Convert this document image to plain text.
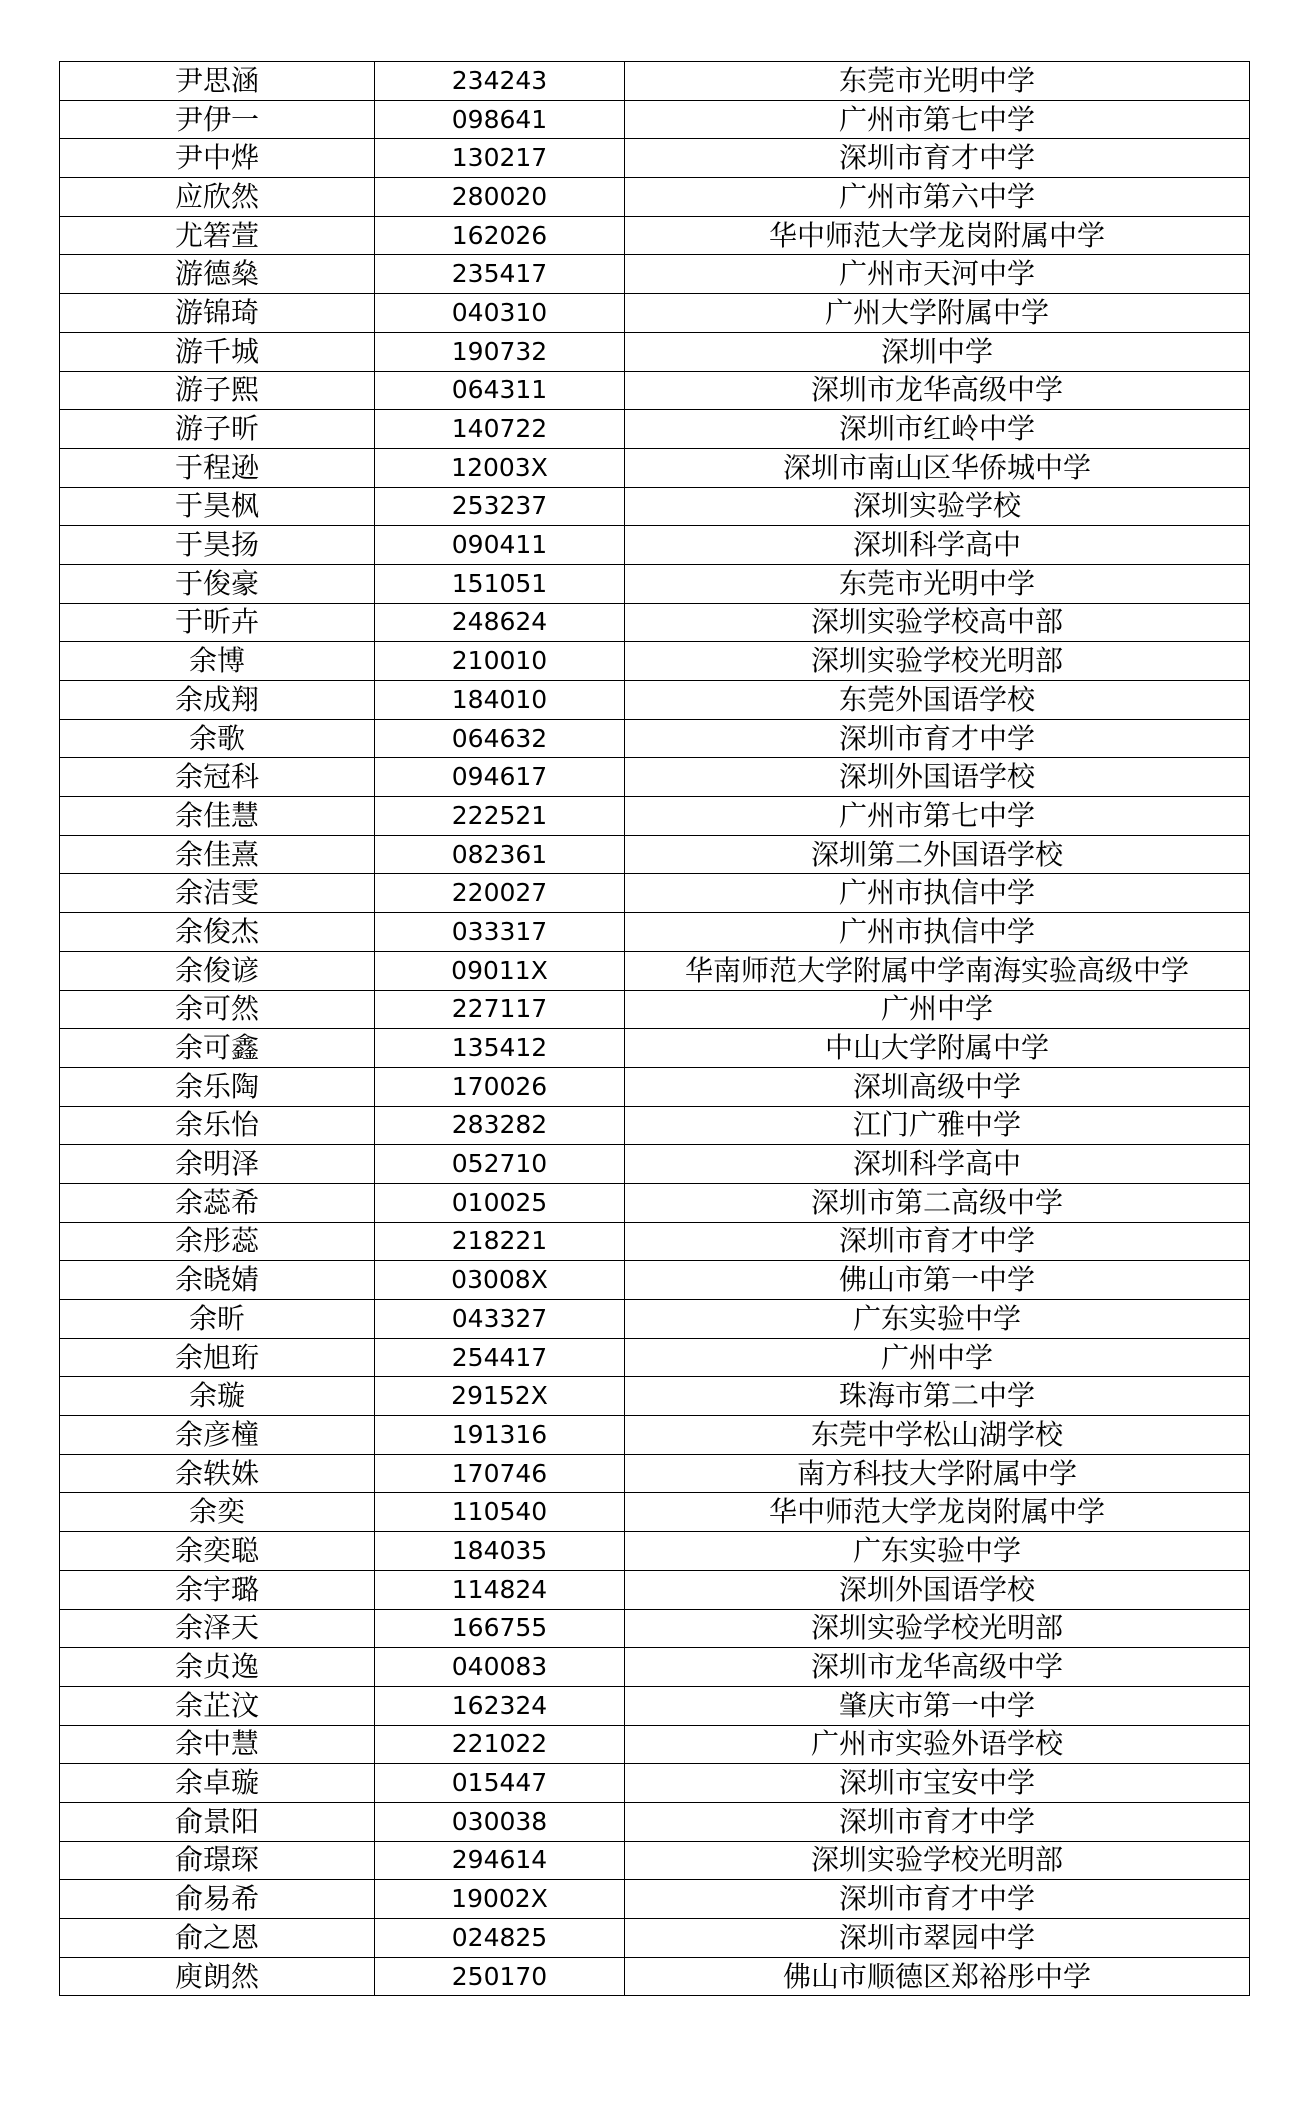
尹思涵	234243	东莞市光明中学
尹伊一	098641	广州市第七中学
尹中烨	130217	深圳市育才中学
应欣然	280020	广州市第六中学
尤箬萱	162026	华中师范大学龙岗附属中学
游德燊	235417	广州市天河中学
游锦琦	040310	广州大学附属中学
游千城	190732	深圳中学
游子熙	064311	深圳市龙华高级中学
游子昕	140722	深圳市红岭中学
于程逊	12003X	深圳市南山区华侨城中学
于昊枫	253237	深圳实验学校
于昊扬	090411	深圳科学高中
于俊豪	151051	东莞市光明中学
于昕卉	248624	深圳实验学校高中部
余博	210010	深圳实验学校光明部
余成翔	184010	东莞外国语学校
余歌	064632	深圳市育才中学
余冠科	094617	深圳外国语学校
余佳慧	222521	广州市第七中学
余佳熹	082361	深圳第二外国语学校
余洁雯	220027	广州市执信中学
余俊杰	033317	广州市执信中学
余俊谚	09011X	华南师范大学附属中学南海实验高级中学
余可然	227117	广州中学
余可鑫	135412	中山大学附属中学
余乐陶	170026	深圳高级中学
余乐怡	283282	江门广雅中学
余明泽	052710	深圳科学高中
余蕊希	010025	深圳市第二高级中学
余彤蕊	218221	深圳市育才中学
余晓婧	03008X	佛山市第一中学
余昕	043327	广东实验中学
余旭珩	254417	广州中学
余璇	29152X	珠海市第二中学
余彦橦	191316	东莞中学松山湖学校
余轶姝	170746	南方科技大学附属中学
余奕	110540	华中师范大学龙岗附属中学
余奕聪	184035	广东实验中学
余宇璐	114824	深圳外国语学校
余泽天	166755	深圳实验学校光明部
余贞逸	040083	深圳市龙华高级中学
余芷汶	162324	肇庆市第一中学
余中慧	221022	广州市实验外语学校
余卓璇	015447	深圳市宝安中学
俞景阳	030038	深圳市育才中学
俞璟琛	294614	深圳实验学校光明部
俞易希	19002X	深圳市育才中学
俞之恩	024825	深圳市翠园中学
庾朗然	250170	佛山市顺德区郑裕彤中学
